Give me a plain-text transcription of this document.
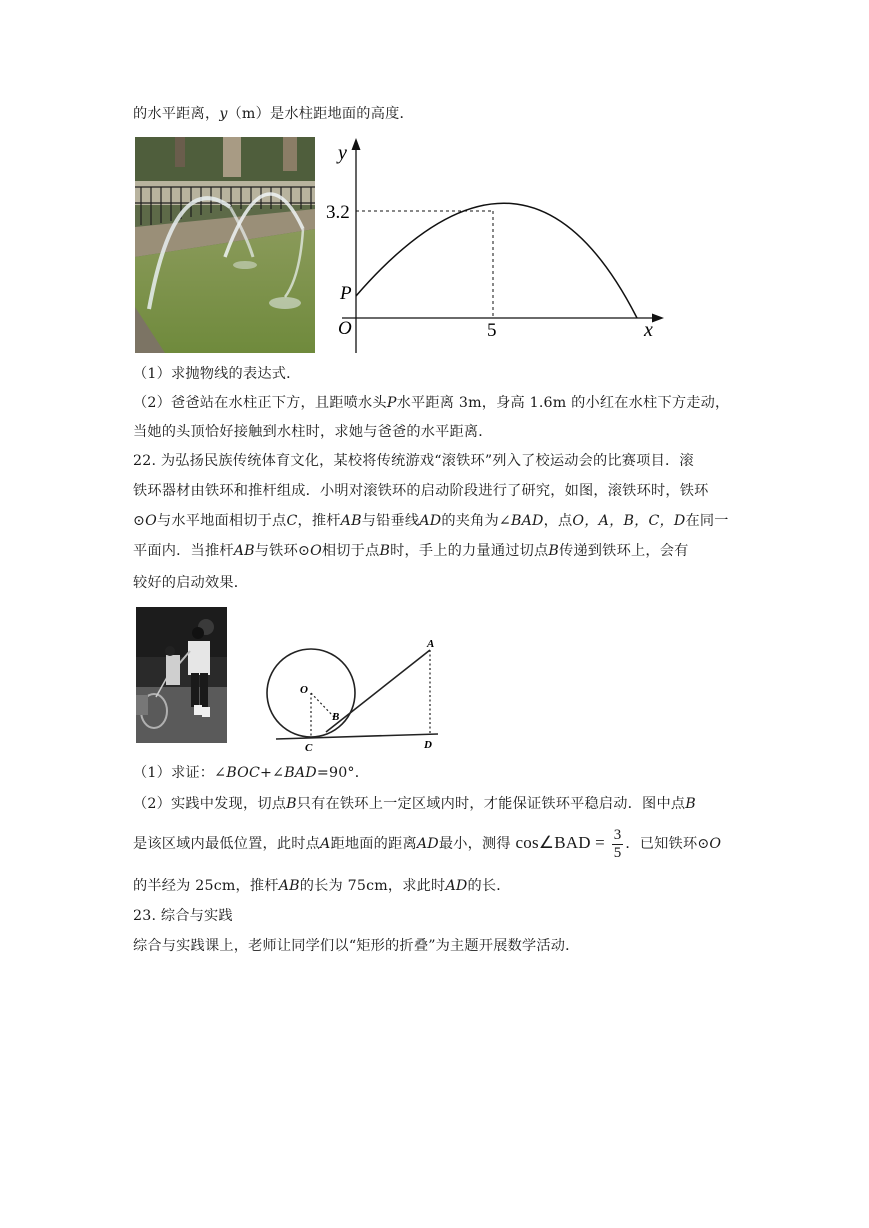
的水平距离，y（m）是水柱距地面的高度．
y
x
O
P
3.2
5
（1）求抛物线的表达式．
（2）爸爸站在水柱正下方，且距喷水头P水平距离 3m，身高 1.6m 的小红在水柱下方走动，
当她的头顶恰好接触到水柱时，求她与爸爸的水平距离．
22. 为弘扬民族传统体育文化，某校将传统游戏“滚铁环”列入了校运动会的比赛项目．滚
铁环器材由铁环和推杆组成．小明对滚铁环的启动阶段进行了研究，如图，滚铁环时，铁环
⊙O与水平地面相切于点C，推杆AB与铅垂线AD的夹角为∠BAD，点O，A，B，C，D在同一
平面内．当推杆AB与铁环⊙O相切于点B时，手上的力量通过切点B传递到铁环上，会有
较好的启动效果．
A
O
B
C	D
（1）求证：∠BOC+∠BAD=90°．
（2）实践中发现，切点B只有在铁环上一定区域内时，才能保证铁环平稳启动．图中点B
是该区域内最低位置，此时点A距地面的距离AD最小，测得 cos∠BAD = $\frac{3}{5}$ ．已知铁环⊙O
的半经为 25cm，推杆AB的长为 75cm，求此时AD的长．
23. 综合与实践
综合与实践课上，老师让同学们以“矩形的折叠”为主题开展数学活动．
